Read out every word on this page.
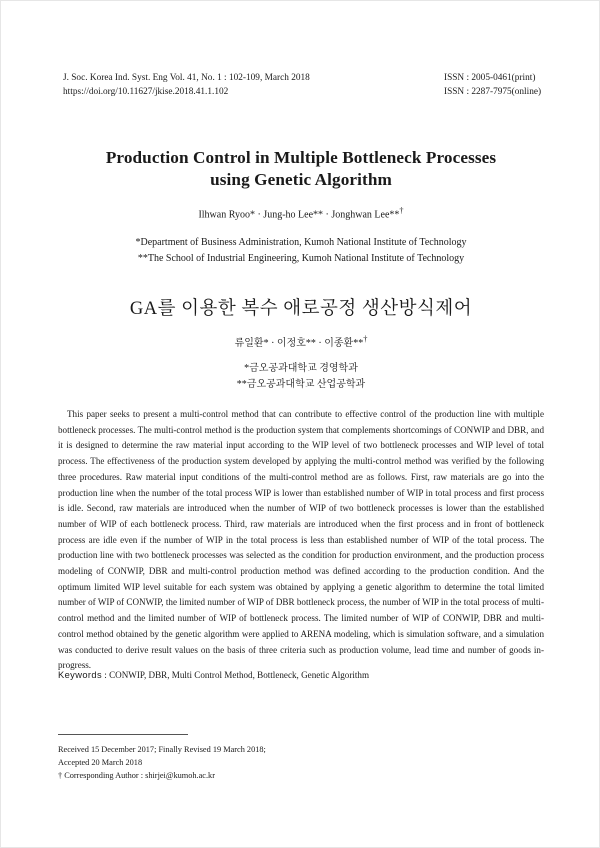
J. Soc. Korea Ind. Syst. Eng Vol. 41, No. 1 : 102-109, March 2018
https://doi.org/10.11627/jkise.2018.41.1.102
ISSN : 2005-0461(print)
ISSN : 2287-7975(online)
Production Control in Multiple Bottleneck Processes
using Genetic Algorithm
Ilhwan Ryoo* · Jung-ho Lee** · Jonghwan Lee**†
*Department of Business Administration, Kumoh National Institute of Technology
**The School of Industrial Engineering, Kumoh National Institute of Technology
GA를 이용한 복수 애로공정 생산방식제어
류일환* · 이정호** · 이종환**†
*금오공과대학교 경영학과
**금오공과대학교 산업공학과
This paper seeks to present a multi-control method that can contribute to effective control of the production line with multiple bottleneck processes. The multi-control method is the production system that complements shortcomings of CONWIP and DBR, and it is designed to determine the raw material input according to the WIP level of two bottleneck processes and WIP level of total process. The effectiveness of the production system developed by applying the multi-control method was verified by the following three procedures. Raw material input conditions of the multi-control method are as follows. First, raw materials are go into the production line when the number of the total process WIP is lower than established number of WIP in total process and first process is idle. Second, raw materials are introduced when the number of WIP of two bottleneck processes is lower than the established number of WIP of each bottleneck process. Third, raw materials are introduced when the first process and in front of bottleneck process are idle even if the number of WIP in the total process is less than established number of WIP of the total process. The production line with two bottleneck processes was selected as the condition for production environment, and the production process modeling of CONWIP, DBR and multi-control production method was defined according to the production condition. And the optimum limited WIP level suitable for each system was obtained by applying a genetic algorithm to determine the total limited number of WIP of CONWIP, the limited number of WIP of DBR bottleneck process, the number of WIP in the total process of multi-control method and the limited number of WIP of bottleneck process. The limited number of WIP of CONWIP, DBR and multi-control method obtained by the genetic algorithm were applied to ARENA modeling, which is simulation software, and a simulation was conducted to derive result values on the basis of three criteria such as production volume, lead time and number of goods in-progress.
Keywords : CONWIP, DBR, Multi Control Method, Bottleneck, Genetic Algorithm
Received 15 December 2017; Finally Revised 19 March 2018;
Accepted 20 March 2018
† Corresponding Author : shirjei@kumoh.ac.kr
